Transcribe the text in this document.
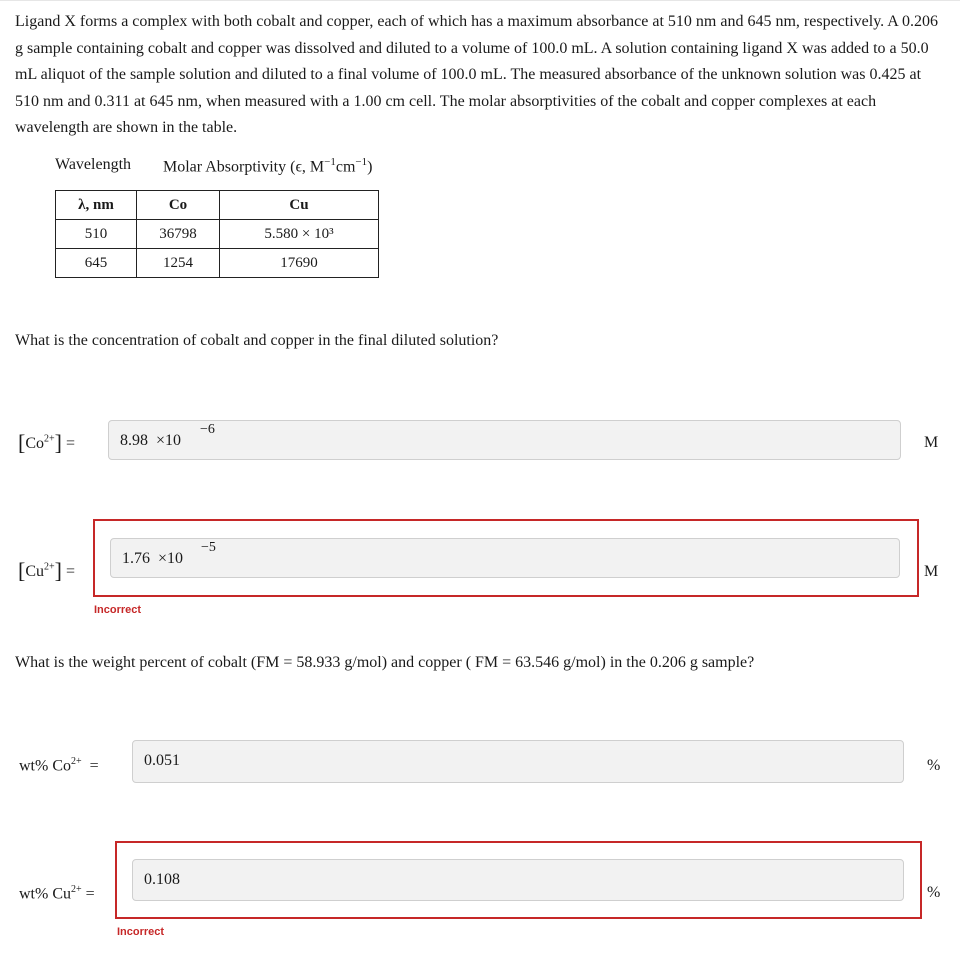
Ligand X forms a complex with both cobalt and copper, each of which has a maximum absorbance at 510 nm and 645 nm, respectively. A 0.206 g sample containing cobalt and copper was dissolved and diluted to a volume of 100.0 mL. A solution containing ligand X was added to a 50.0 mL aliquot of the sample solution and diluted to a final volume of 100.0 mL. The measured absorbance of the unknown solution was 0.425 at 510 nm and 0.311 at 645 nm, when measured with a 1.00 cm cell. The molar absorptivities of the cobalt and copper complexes at each wavelength are shown in the table.

Wavelength Molar Absorptivity (ϵ, $M^{-1}cm^{-1}$)
λ, nm	Co	Cu
510	36798	5.580 × 10³
645	1254	17690
What is the concentration of cobalt and copper in the final diluted solution?
$[Co^{2+}]$ =	8.98 ×10
−6
M
$[Cu^{2+}]$ =
1.76 ×10
−5
M
Incorrect
What is the weight percent of cobalt (FM = 58.933 g/mol) and copper ( FM = 63.546 g/mol) in the 0.206 g sample?
wt% $Co^{2+}$ =	0.051	%
wt% $Cu^{2+}$ =
0.108
%
Incorrect
